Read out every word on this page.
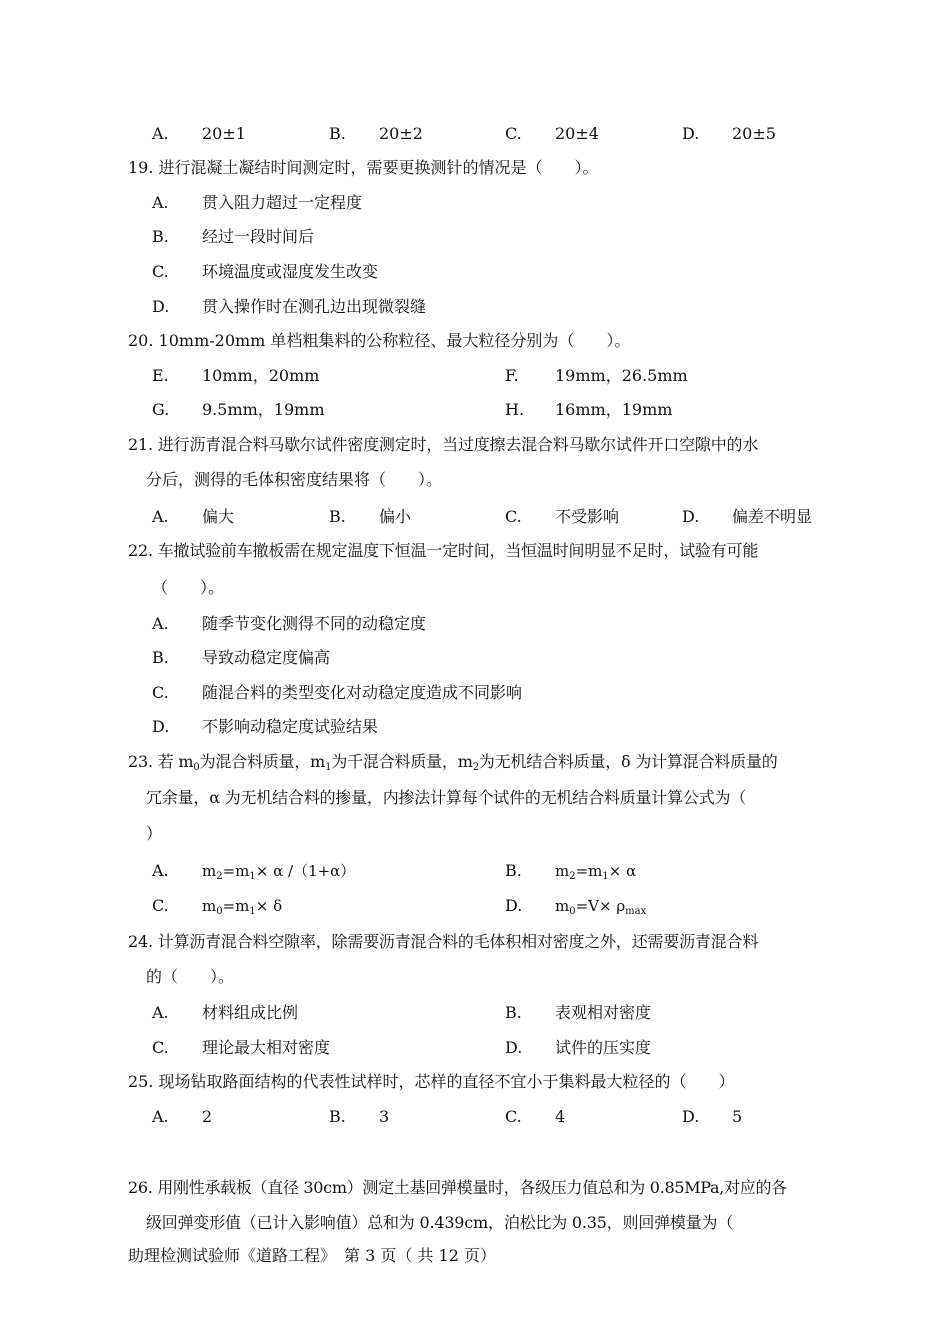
A. 20±1	B. 20±2	C. 20±4	D. 20±5
19. 进行混凝土凝结时间测定时，需要更换测针的情况是（　　）。
A. 贯入阻力超过一定程度
B. 经过一段时间后
C. 环境温度或湿度发生改变
D. 贯入操作时在测孔边出现微裂缝
20. 10mm-20mm 单档粗集料的公称粒径、最大粒径分别为（　　）。
E. 10mm，20mm	F. 19mm，26.5mm
G. 9.5mm，19mm	H. 16mm，19mm
21. 进行沥青混合料马歇尔试件密度测定时，当过度擦去混合料马歇尔试件开口空隙中的水
分后，测得的毛体积密度结果将（　　）。
A. 偏大	B. 偏小	C. 不受影响	D. 偏差不明显
22. 车撤试验前车撤板需在规定温度下恒温一定时间，当恒温时间明显不足时，试验有可能
（　　）。
A. 随季节变化测得不同的动稳定度
B. 导致动稳定度偏高
C. 随混合料的类型变化对动稳定度造成不同影响
D. 不影响动稳定度试验结果
23. 若 $m_0$为混合料质量，$m_1$为千混合料质量，$m_2$为无机结合料质量，δ 为计算混合料质量的
冗余量，α 为无机结合料的掺量，内掺法计算每个试件的无机结合料质量计算公式为（
）
A. $m_2=m_1\times \alpha$ /（1+α）	B. $m_2=m_1\times \alpha$
C. $m_0=m_1\times \delta$	D. $m_0=V\times \rho_{max}$
24. 计算沥青混合料空隙率，除需要沥青混合料的毛体积相对密度之外，还需要沥青混合料
的（　　）。
A. 材料组成比例	B. 表观相对密度
C. 理论最大相对密度	D. 试件的压实度
25. 现场钻取路面结构的代表性试样时，芯样的直径不宜小于集料最大粒径的（　　）
A. 2	B. 3	C. 4	D. 5
26. 用刚性承载板（直径 30cm）测定土基回弹模量时，各级压力值总和为 0.85MPa,对应的各
级回弹变形值（已计入影响值）总和为 0.439cm，泊松比为 0.35，则回弹模量为（
助理检测试验师《道路工程》　第 3 页（ 共 12 页）
